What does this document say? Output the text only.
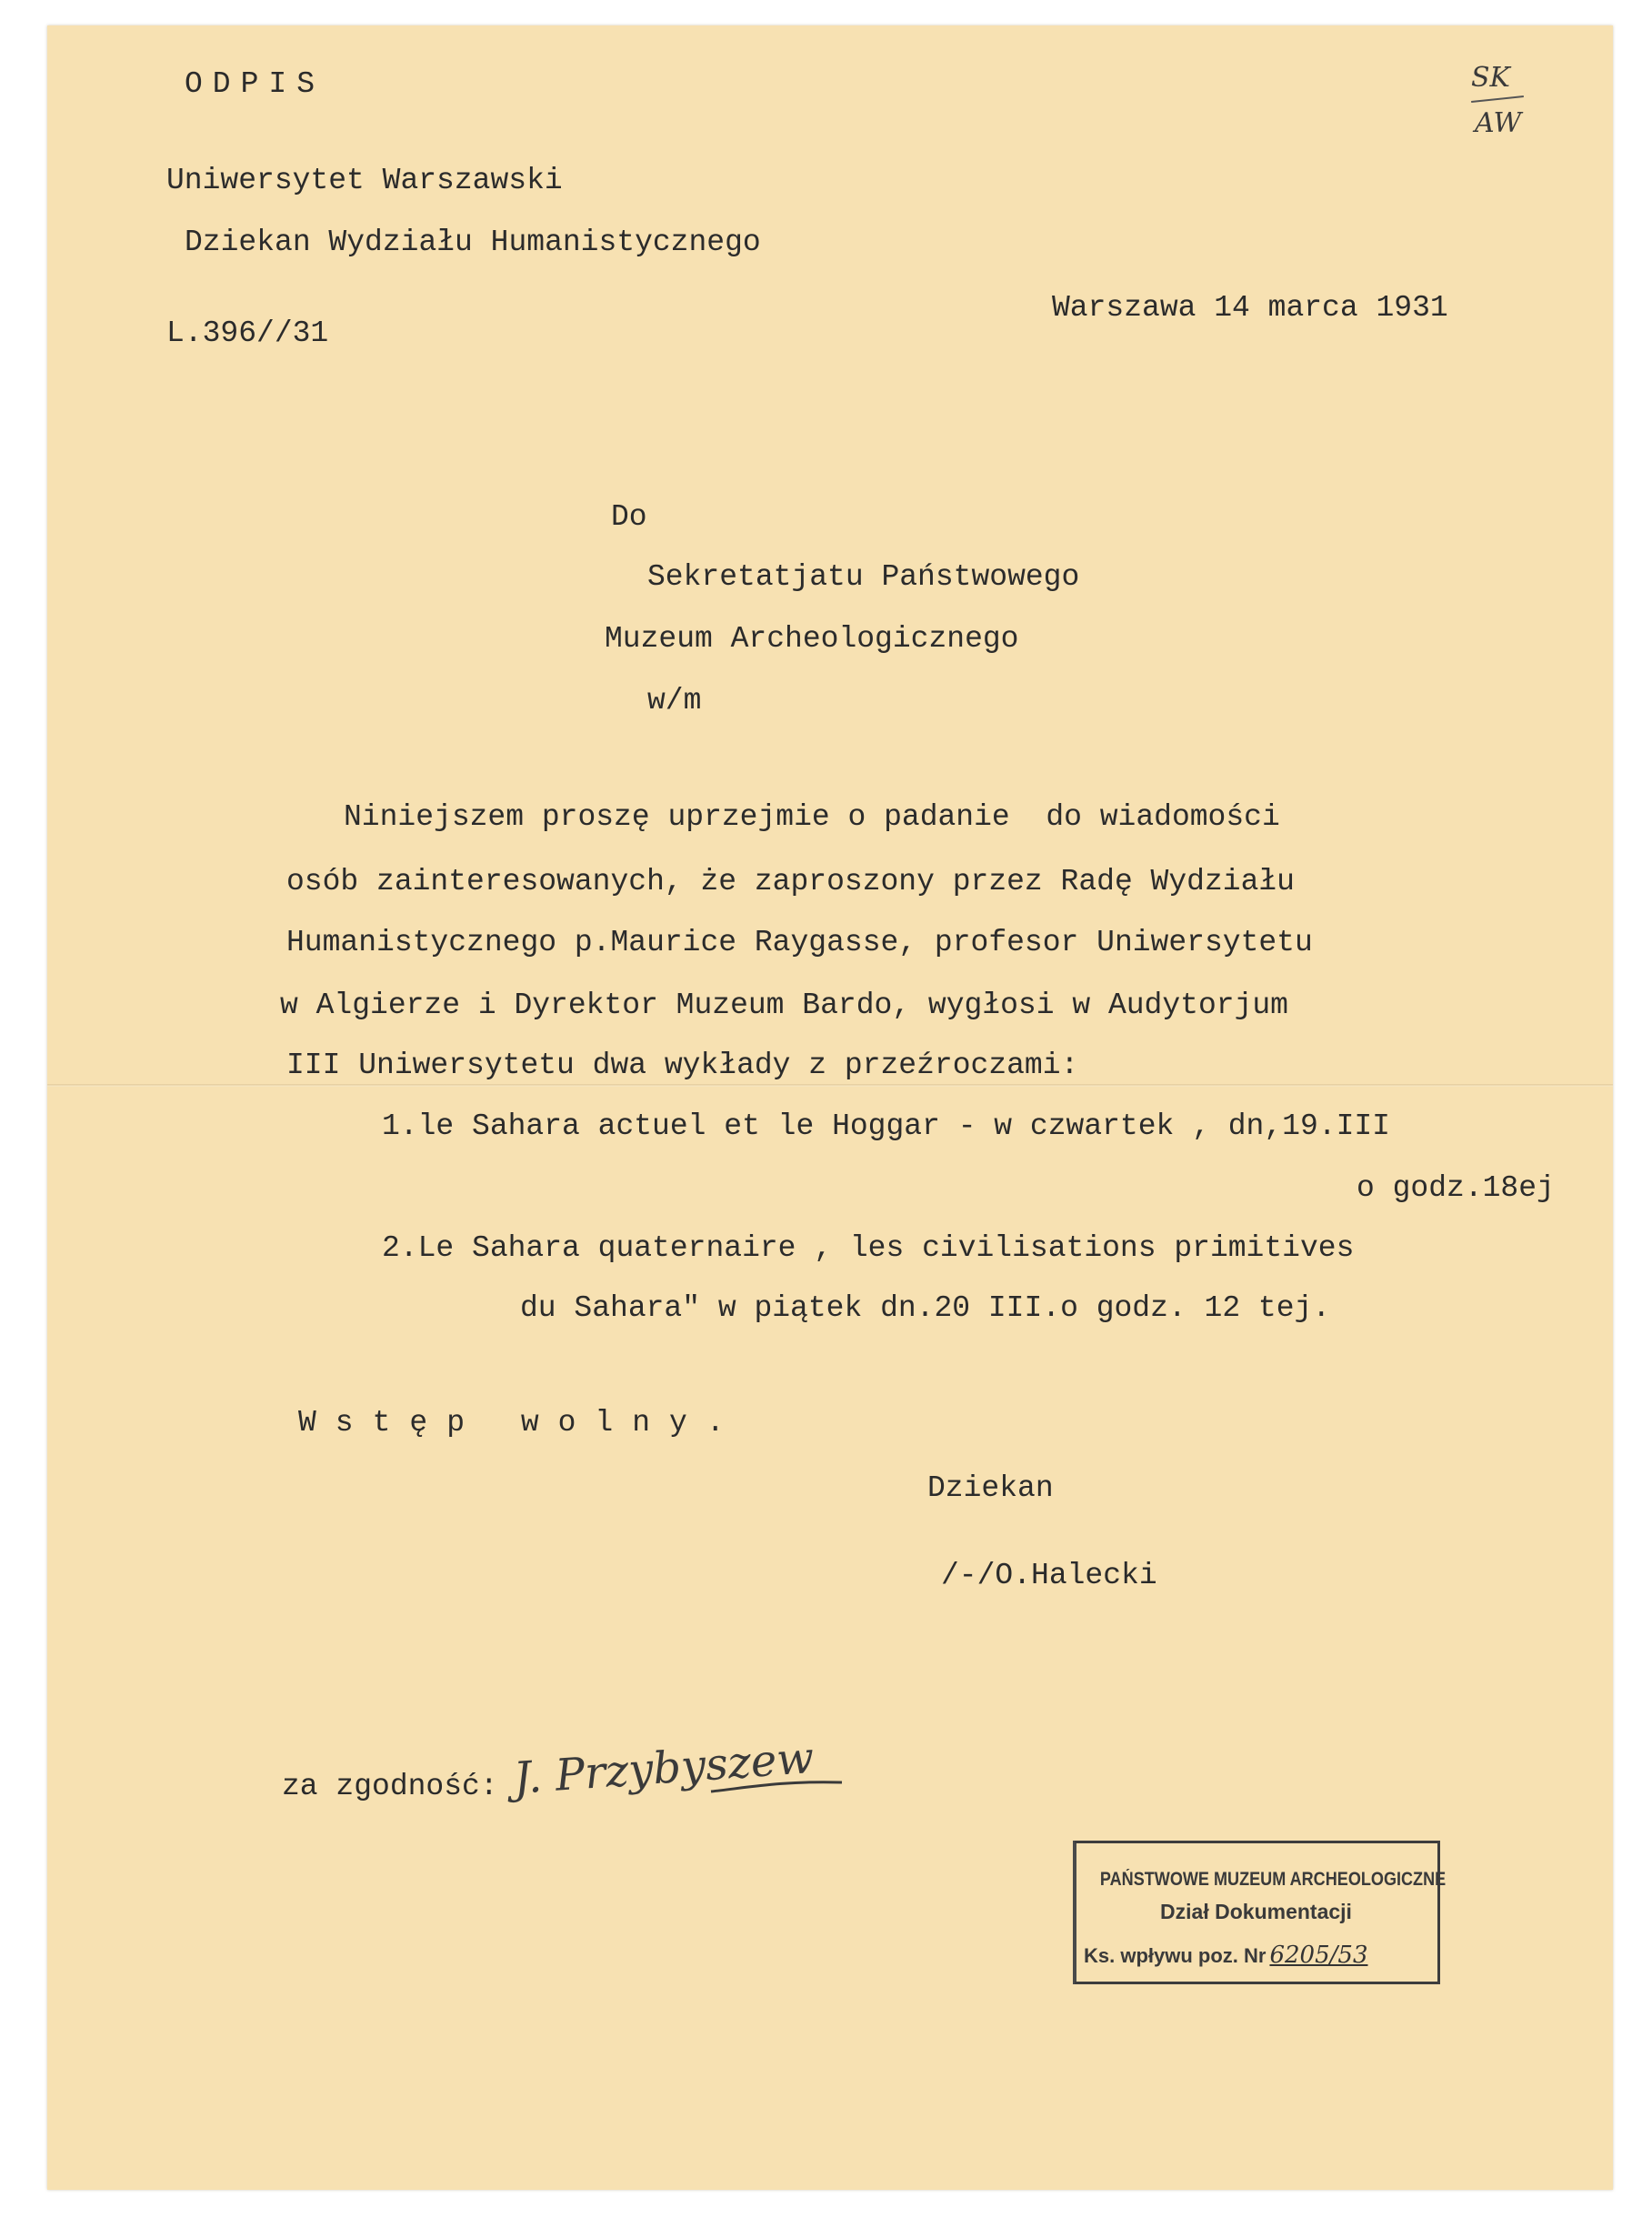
ODPIS
Uniwersytet Warszawski
Dziekan Wydziału Humanistycznego
Warszawa 14 marca 1931
L.396//31
SK
AW
Do
Sekretatjatu Państwowego
Muzeum Archeologicznego
w/m
Niniejszem proszę uprzejmie o padanie  do wiadomości
osób zainteresowanych, że zaproszony przez Radę Wydziału
Humanistycznego p.Maurice Raygasse, profesor Uniwersytetu
w Algierze i Dyrektor Muzeum Bardo, wygłosi w Audytorjum
III Uniwersytetu dwa wykłady z przeźroczami:
1.le Sahara actuel et le Hoggar - w czwartek , dn,19.III
o godz.18ej
2.Le Sahara quaternaire , les civilisations primitives
du Sahara" w piątek dn.20 III.o godz. 12 tej.
Wstęp wolny.
Dziekan
/-/O.Halecki
za zgodność: J. Przybyszew
PAŃSTWOWE MUZEUM ARCHEOLOGICZNE
Dział Dokumentacji
Ks. wpływu poz. Nr 6205/53
